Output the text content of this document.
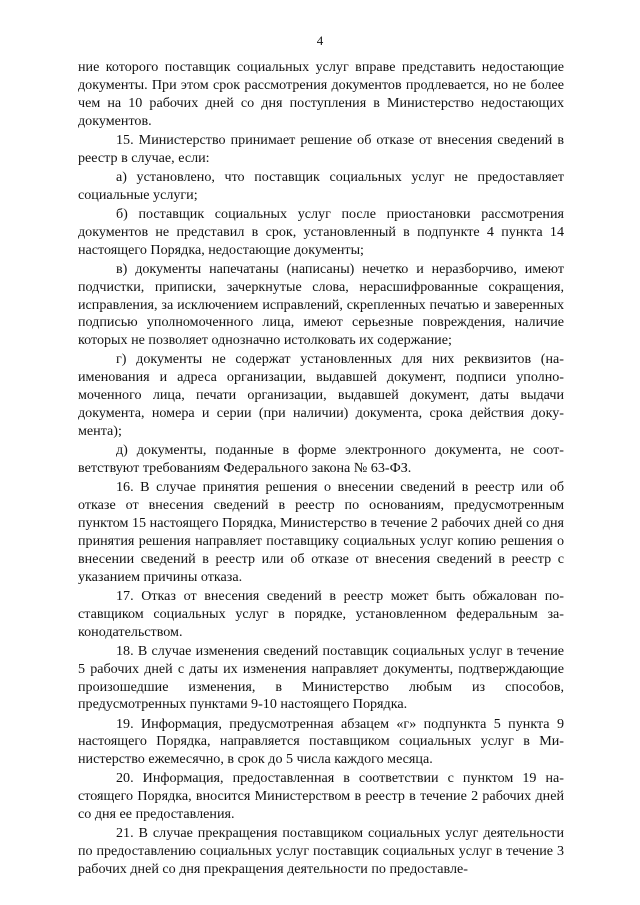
4

ние которого поставщик социальных услуг вправе представить недостающие документы. При этом срок рассмотрения документов продлевается, но не более чем на 10 рабочих дней со дня поступления в Министерство недостающих документов.

15. Министерство принимает решение об отказе от внесения сведений в реестр в случае, если:

а) установлено, что поставщик социальных услуг не предоставляет социальные услуги;

б) поставщик социальных услуг после приостановки рассмотрения документов не представил в срок, установленный в подпункте 4 пункта 14 настоящего Порядка, недостающие документы;

в) документы напечатаны (написаны) нечетко и неразборчиво, имеют подчистки, приписки, зачеркнутые слова, нерасшифрованные сокращения, исправления, за исключением исправлений, скрепленных печатью и заверенных подписью уполномоченного лица, имеют серьезные повреждения, наличие которых не позволяет однозначно истолковать их содержание;

г) документы не содержат установленных для них реквизитов (наименования и адреса организации, выдавшей документ, подписи уполномоченного лица, печати организации, выдавшей документ, даты выдачи документа, номера и серии (при наличии) документа, срока действия документа);

д) документы, поданные в форме электронного документа, не соответствуют требованиям Федерального закона № 63-ФЗ.

16. В случае принятия решения о внесении сведений в реестр или об отказе от внесения сведений в реестр по основаниям, предусмотренным пунктом 15 настоящего Порядка, Министерство в течение 2 рабочих дней со дня принятия решения направляет поставщику социальных услуг копию решения о внесении сведений в реестр или об отказе от внесения сведений в реестр с указанием причины отказа.

17. Отказ от внесения сведений в реестр может быть обжалован поставщиком социальных услуг в порядке, установленном федеральным законодательством.

18. В случае изменения сведений поставщик социальных услуг в течение 5 рабочих дней с даты их изменения направляет документы, подтверждающие произошедшие изменения, в Министерство любым из способов, предусмотренных пунктами 9-10 настоящего Порядка.

19. Информация, предусмотренная абзацем «г» подпункта 5 пункта 9 настоящего Порядка, направляется поставщиком социальных услуг в Министерство ежемесячно, в срок до 5 числа каждого месяца.

20. Информация, предоставленная в соответствии с пунктом 19 настоящего Порядка, вносится Министерством в реестр в течение 2 рабочих дней со дня ее предоставления.

21. В случае прекращения поставщиком социальных услуг деятельности по предоставлению социальных услуг поставщик социальных услуг в течение 3 рабочих дней со дня прекращения деятельности по предоставле-
